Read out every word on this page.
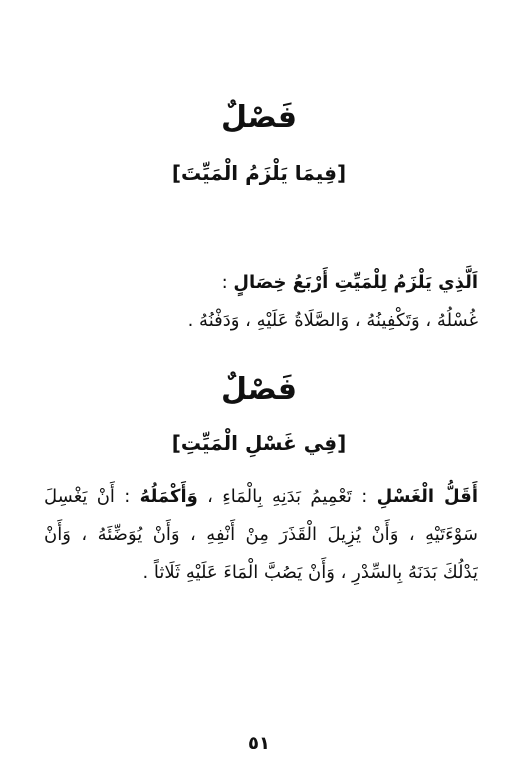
فَصْلٌ
[فِيمَا يَلْزَمُ الْمَيِّتَ]
اَلَّذِي يَلْزَمُ لِلْمَيِّتِ أَرْبَعُ خِصَالٍ :
غُسْلُهُ ، وَتَكْفِينُهُ ، وَالصَّلَاةُ عَلَيْهِ ، وَدَفْنُهُ .
فَصْلٌ
[فِي غَسْلِ الْمَيِّتِ]
أَقَلُّ الْغَسْلِ : تَعْمِيمُ بَدَنِهِ بِالْمَاءِ ، وَأَكْمَلُهُ : أَنْ يَغْسِلَ
سَوْءَتَيْهِ ، وَأَنْ يُزِيلَ الْقَذَرَ مِنْ أَنْفِهِ ، وَأَنْ يُوَضِّئَهُ ، وَأَنْ
يَدْلُكَ بَدَنَهُ بِالسِّدْرِ ، وَأَنْ يَصُبَّ الْمَاءَ عَلَيْهِ ثَلَاثاً .
٥١
